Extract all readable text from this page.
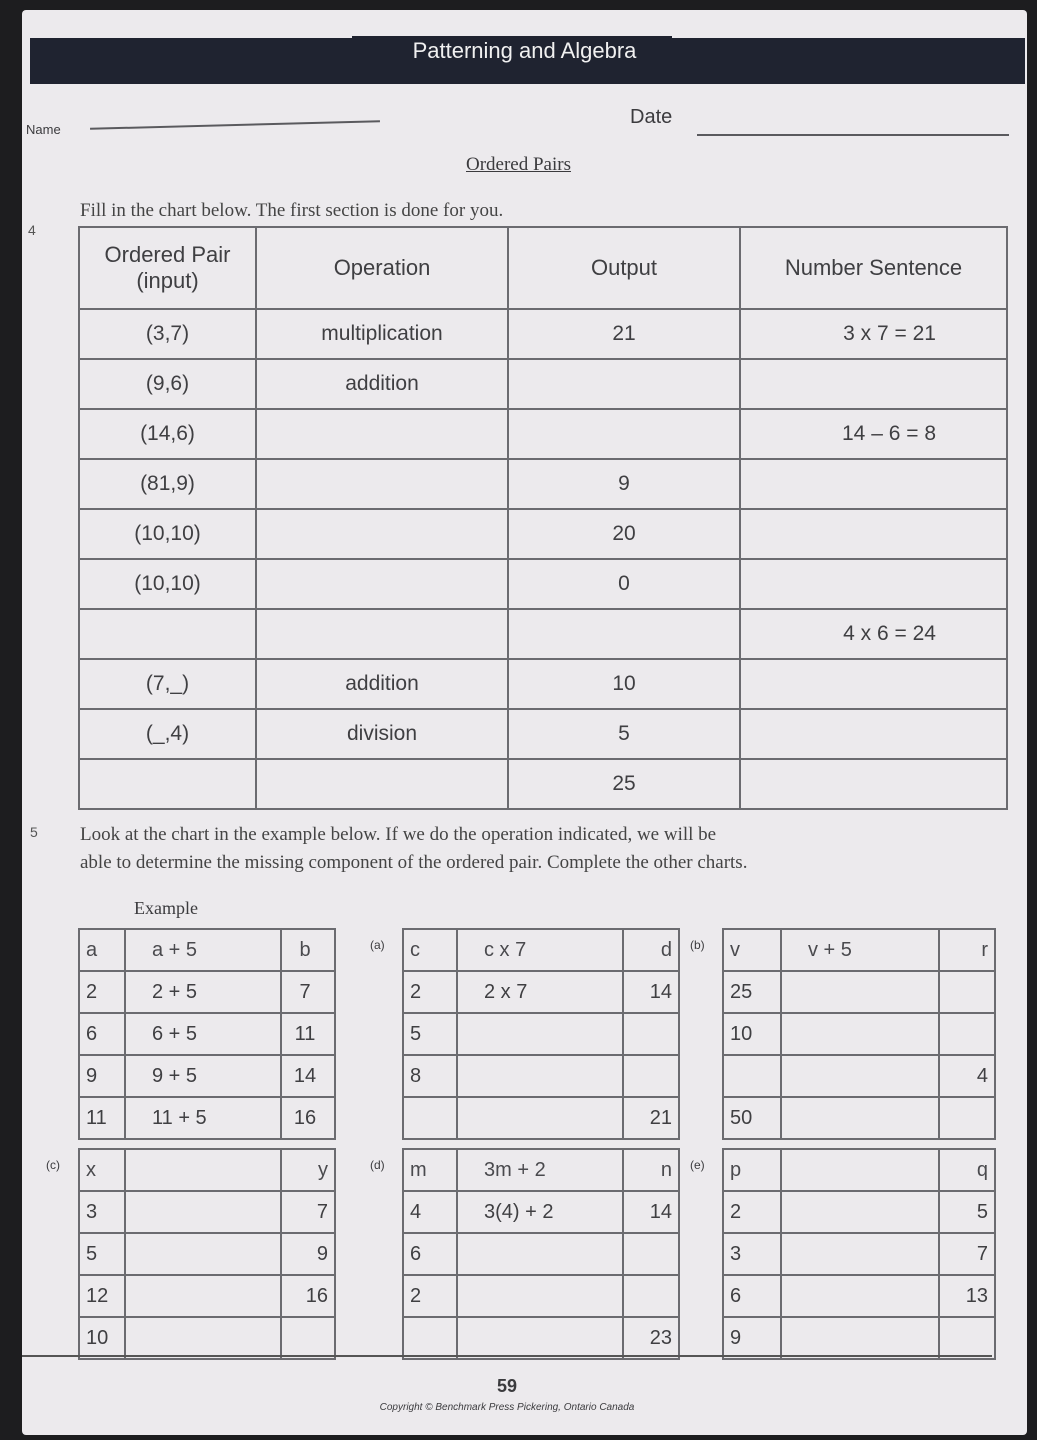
Patterning and Algebra
Name
Date
Ordered Pairs
4
Fill in the chart below. The first section is done for you.
Ordered Pair (input)	Operation	Output	Number Sentence
(3,7)	multiplication	21	3 x 7 = 21
(9,6)	addition		
(14,6)			14 – 6 = 8
(81,9)		9	
(10,10)		20	
(10,10)		0	
			4 x 6 = 24
(7,_)	addition	10	
(_,4)	division	5	
		25	
5 Look at the chart in the example below. If we do the operation indicated, we will be
able to determine the missing component of the ordered pair. Complete the other charts.
Example
a	a + 5	b
2	2 + 5	7
6	6 + 5	11
9	9 + 5	14
11	11 + 5	16
(a) c	c x 7	d
2	2 x 7	14
5		
8		
		21
(b) v	v + 5	r
25		
10		
		4
50		
(c) x		y
3		7
5		9
12		16
10		
(d) m	3m + 2	n
4	3(4) + 2	14
6		
2		
		23
(e) p		q
2		5
3		7
6		13
9		
59
Copyright © Benchmark Press Pickering, Ontario Canada
